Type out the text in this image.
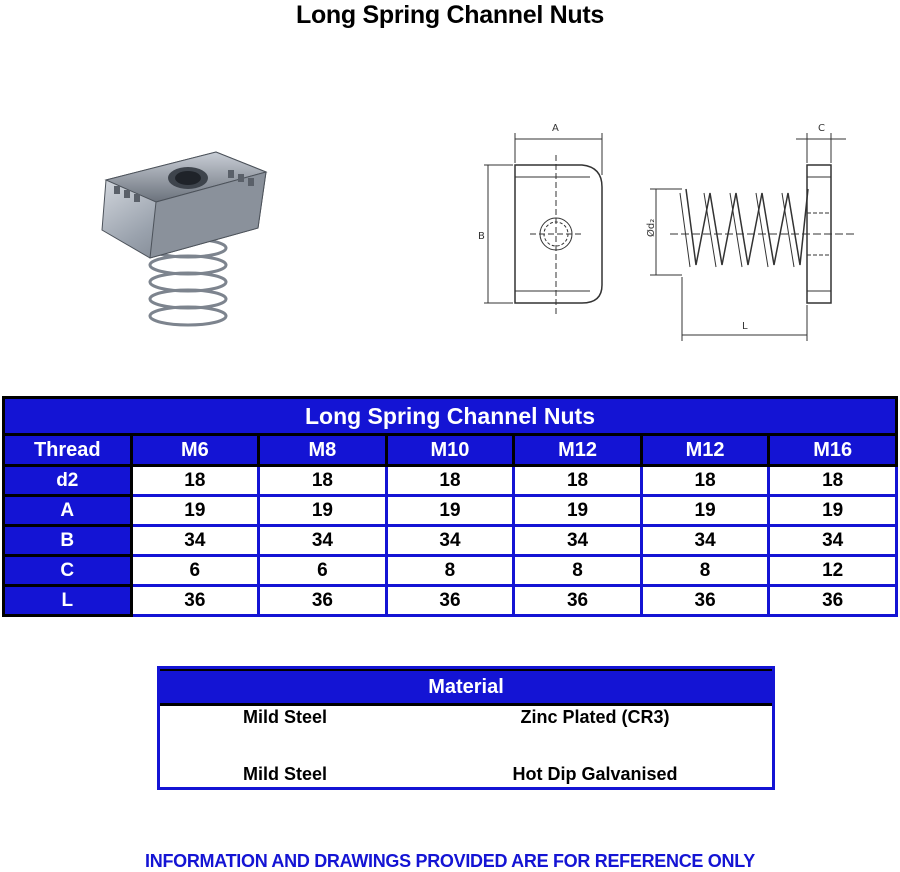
Long Spring Channel Nuts
A
B
C
Ød₂
L
Long Spring Channel Nuts						
Thread	M6	M8	M10	M12	M12	M16
d2	18	18	18	18	18	18
A	19	19	19	19	19	19
B	34	34	34	34	34	34
C	6	6	8	8	8	12
L	36	36	36	36	36	36
Material
Mild Steel	Zinc Plated (CR3)
Mild Steel	Hot Dip Galvanised
INFORMATION AND DRAWINGS PROVIDED ARE FOR REFERENCE ONLY
